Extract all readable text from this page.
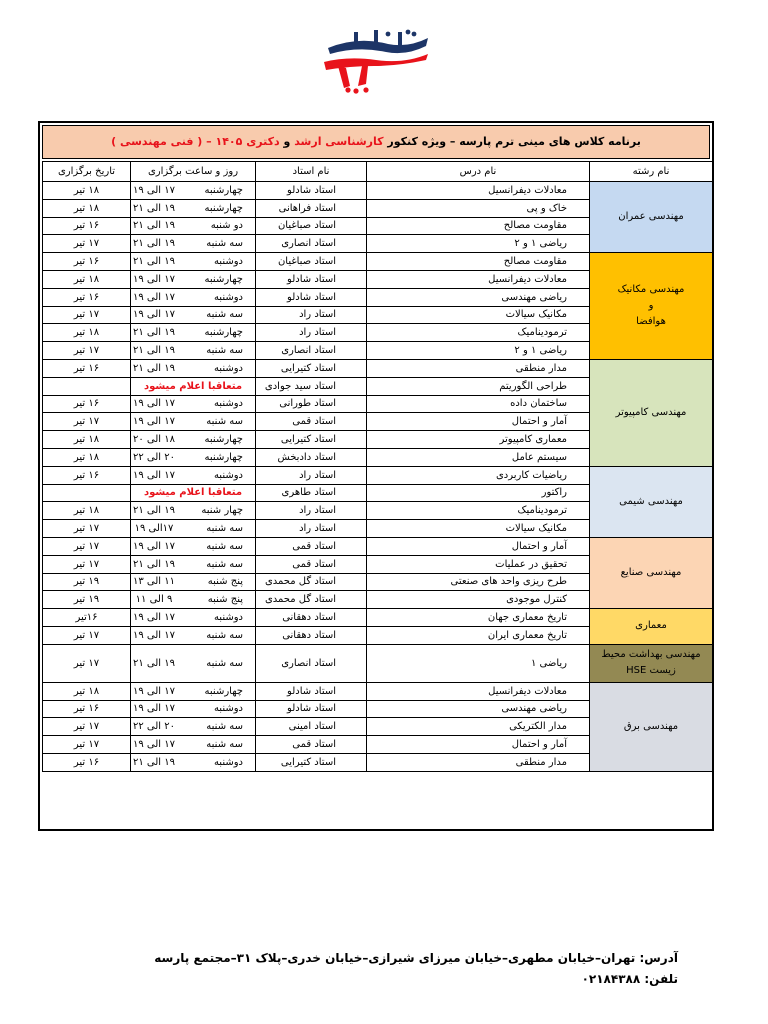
برنامه کلاس های مینی ترم پارسه – ویژه کنکور کارشناسی ارشد و دکتری ۱۴۰۵ – ( فنی مهندسی )
نام رشته	نام درس	نام استاد	روز و ساعت برگزاری	تاریخ برگزاری
مهندسی عمران	معادلات دیفرانسیل	استاد شادلو	چهارشنبه۱۷ الی ۱۹	۱۸ تیر
	خاک و پی	استاد فراهانی	چهارشنبه۱۹ الی ۲۱	۱۸ تیر
	مقاومت مصالح	استاد صباغیان	دو شنبه۱۹ الی ۲۱	۱۶ تیر
	ریاضی ۱ و ۲	استاد انصاری	سه شنبه۱۹ الی ۲۱	۱۷ تیر

مهندسی مکانیک
و
هوافضا	مقاومت مصالح	استاد صباغیان	دوشنبه۱۹ الی ۲۱	۱۶ تیر
	معادلات دیفرانسیل	استاد شادلو	چهارشنبه۱۷ الی ۱۹	۱۸ تیر
	ریاضی مهندسی	استاد شادلو	دوشنبه۱۷ الی ۱۹	۱۶ تیر
	مکانیک سیالات	استاد راد	سه شنبه۱۷ الی ۱۹	۱۷ تیر
	ترمودینامیک	استاد راد	چهارشنبه۱۹ الی ۲۱	۱۸ تیر
	ریاضی ۱ و ۲	استاد انصاری	سه شنبه۱۹ الی ۲۱	۱۷ تیر
مهندسی کامپیوتر	مدار منطقی	استاد کتیرایی	دوشنبه۱۹ الی ۲۱	۱۶ تیر
	طراحی الگوریتم	استاد سید جوادی	متعاقبا اعلام میشود	
	ساختمان داده	استاد طورانی	دوشنبه۱۷ الی ۱۹	۱۶ تیر
	آمار و احتمال	استاد قمی	سه شنبه۱۷ الی ۱۹	۱۷ تیر
	معماری کامپیوتر	استاد کتیرایی	چهارشنبه۱۸ الی ۲۰	۱۸ تیر
	سیستم عامل	استاد دادبخش	چهارشنبه۲۰ الی ۲۲	۱۸ تیر
مهندسی شیمی	ریاضیات کاربردی	استاد راد	دوشنبه۱۷ الی ۱۹	۱۶ تیر
	راکتور	استاد طاهری	متعاقبا اعلام میشود	
	ترمودینامیک	استاد راد	چهار شنبه۱۹ الی ۲۱	۱۸ تیر
	مکانیک سیالات	استاد راد	سه شنبه۱۷الی ۱۹	۱۷ تیر
مهندسی صنایع	آمار و احتمال	استاد قمی	سه شنبه۱۷ الی ۱۹	۱۷ تیر
	تحقیق در عملیات	استاد قمی	سه شنبه۱۹ الی ۲۱	۱۷ تیر
	طرح ریزی واحد های صنعتی	استاد گل محمدی	پنج شنبه۱۱ الی ۱۳	۱۹ تیر
	کنترل موجودی	استاد گل محمدی	پنج شنبه۹ الی ۱۱	۱۹ تیر
معماری	تاریخ معماری جهان	استاد دهقانی	دوشنبه۱۷ الی ۱۹	۱۶تیر
	تاریخ معماری ایران	استاد دهقانی	سه شنبه۱۷ الی ۱۹	۱۷ تیر

مهندسی بهداشت محیط
زیست HSE	ریاضی ۱	استاد انصاری	سه شنبه۱۹ الی ۲۱	۱۷ تیر
مهندسی برق	معادلات دیفرانسیل	استاد شادلو	چهارشنبه۱۷ الی ۱۹	۱۸ تیر
	ریاضی مهندسی	استاد شادلو	دوشنبه۱۷ الی ۱۹	۱۶ تیر
	مدار الکتریکی	استاد امینی	سه شنبه۲۰ الی ۲۲	۱۷ تیر
	آمار و احتمال	استاد قمی	سه شنبه۱۷ الی ۱۹	۱۷ تیر
	مدار منطقی	استاد کتیرایی	دوشنبه۱۹ الی ۲۱	۱۶ تیر
آدرس: تهران–خیابان مطهری–خیابان میرزای شیرازی–خیابان خدری–پلاک ۳۱–مجتمع پارسه
تلفن: ۰۲۱۸۴۳۸۸
